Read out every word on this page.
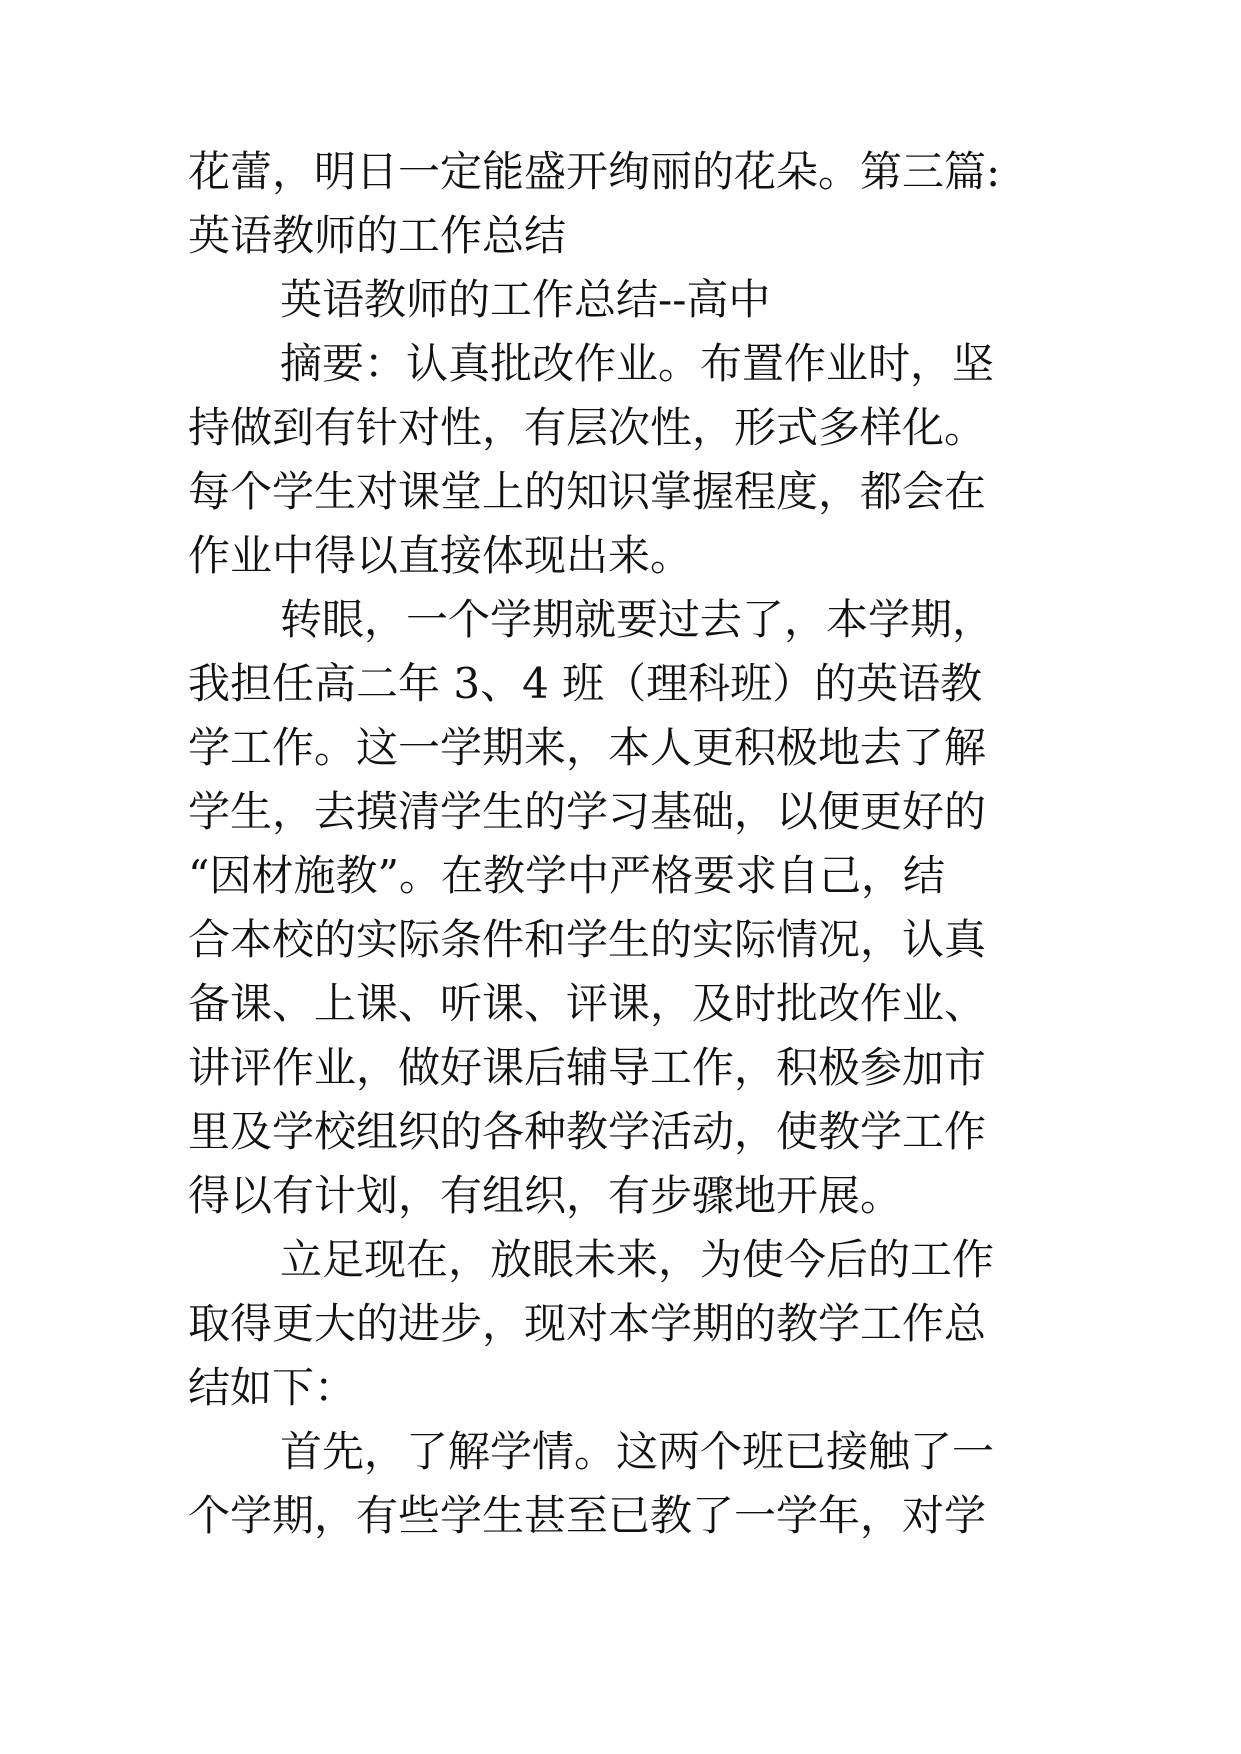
花蕾，明日一定能盛开绚丽的花朵。第三篇:
英语教师的工作总结
英语教师的工作总结--高中
摘要：认真批改作业。布置作业时，坚
持做到有针对性，有层次性，形式多样化。
每个学生对课堂上的知识掌握程度，都会在
作业中得以直接体现出来。
转眼，一个学期就要过去了，本学期，
我担任高二年 3、4 班（理科班）的英语教
学工作。这一学期来，本人更积极地去了解
学生，去摸清学生的学习基础，以便更好的
“因材施教”。在教学中严格要求自己，结
合本校的实际条件和学生的实际情况，认真
备课、上课、听课、评课，及时批改作业、
讲评作业，做好课后辅导工作，积极参加市
里及学校组织的各种教学活动，使教学工作
得以有计划，有组织，有步骤地开展。
立足现在，放眼未来，为使今后的工作
取得更大的进步，现对本学期的教学工作总
结如下：
首先，了解学情。这两个班已接触了一
个学期，有些学生甚至已教了一学年，对学
